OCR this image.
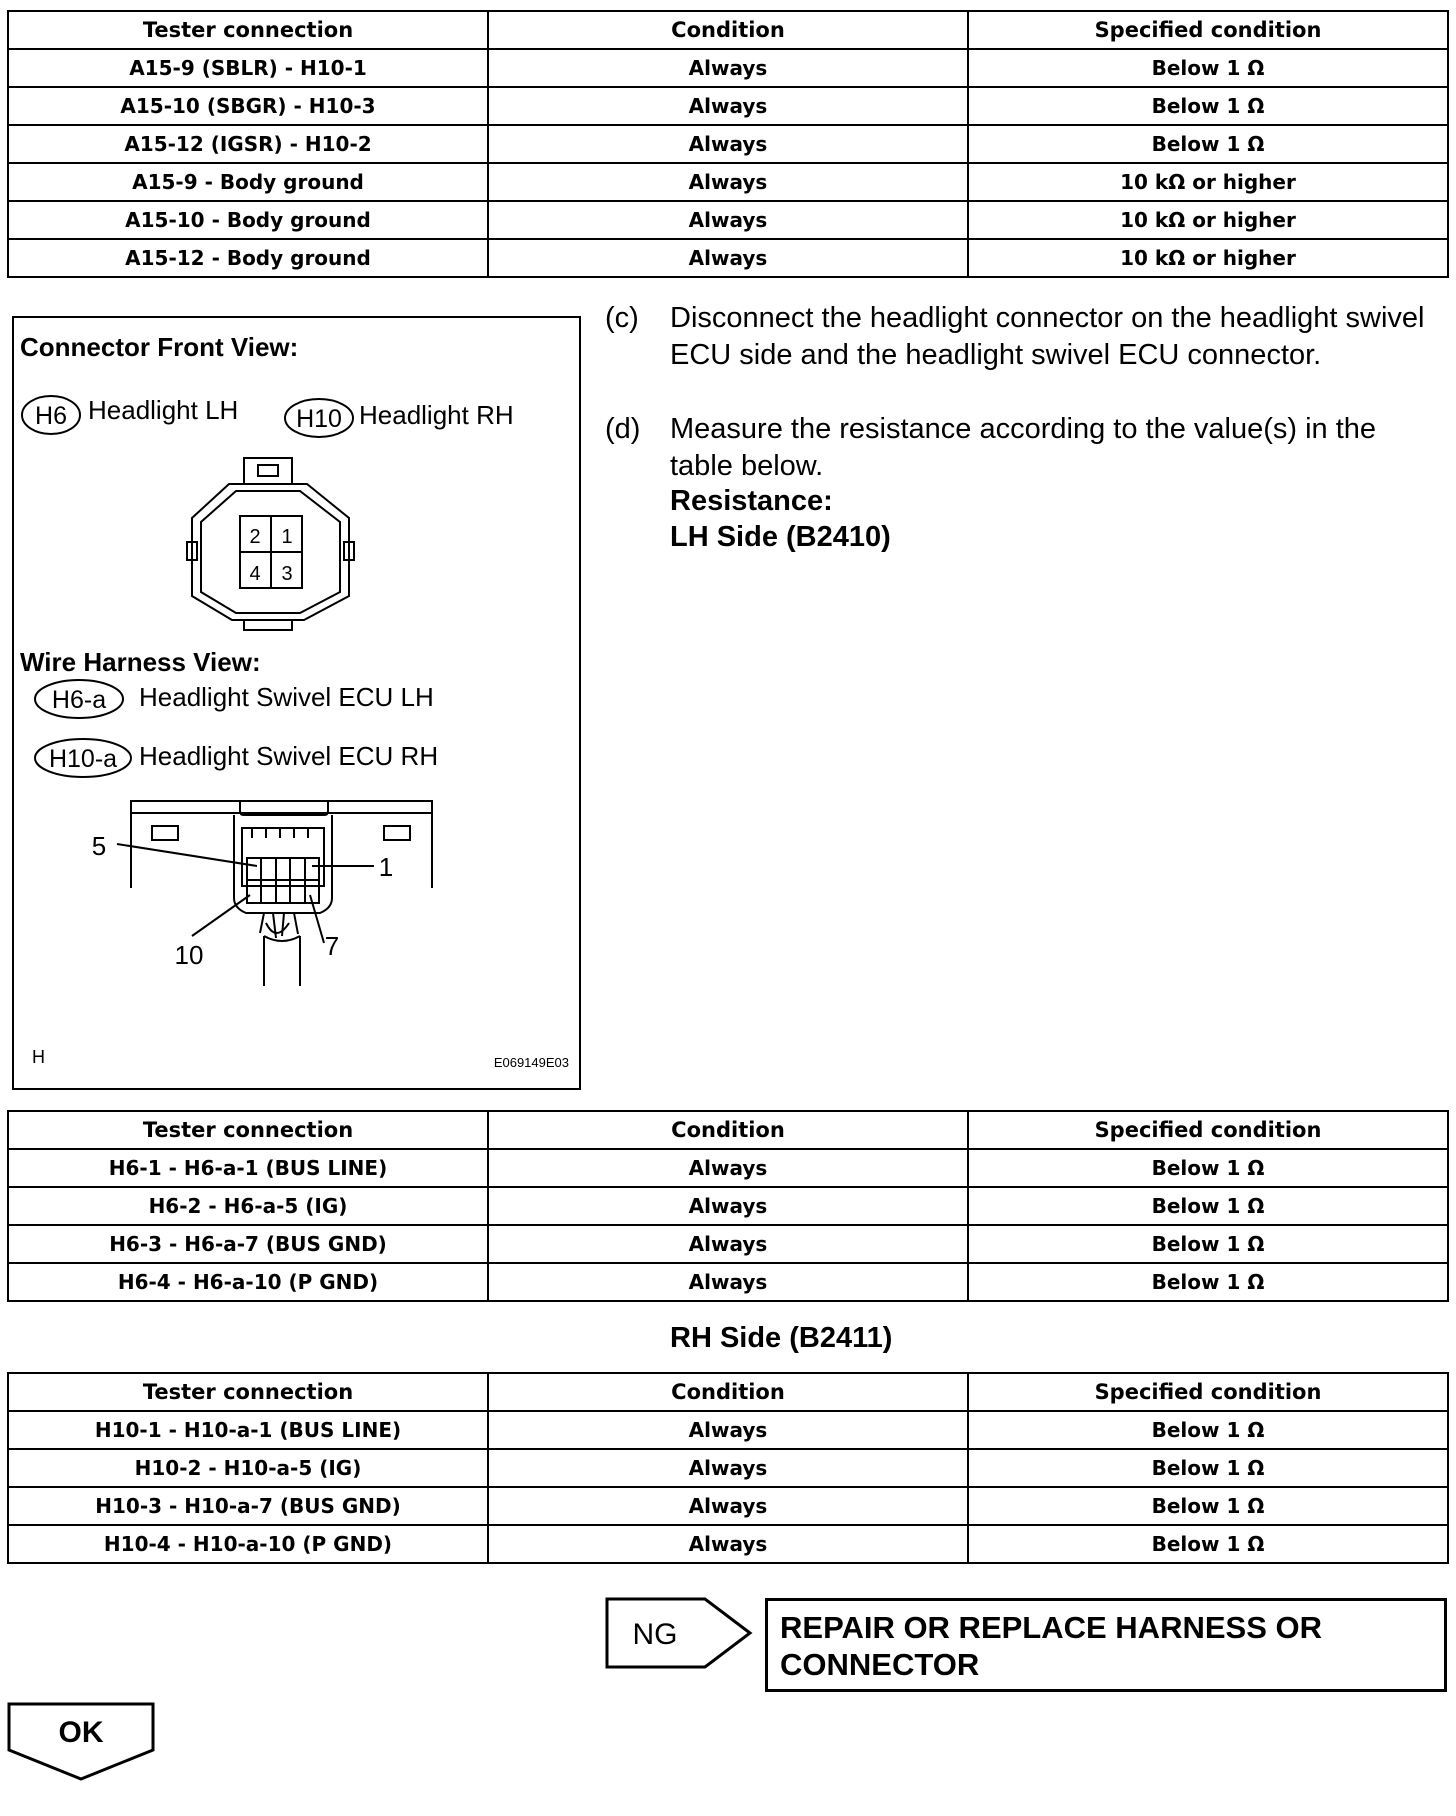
Tester connection	Condition	Specified condition
A15-9 (SBLR) - H10-1	Always	Below 1 Ω
A15-10 (SBGR) - H10-3	Always	Below 1 Ω
A15-12 (IGSR) - H10-2	Always	Below 1 Ω
A15-9 - Body ground	Always	10 kΩ or higher
A15-10 - Body ground	Always	10 kΩ or higher
A15-12 - Body ground	Always	10 kΩ or higher
Connector Front View:
H6 Headlight LH H10 Headlight RH
2 1
4 3
Wire Harness View:
H6-a Headlight Swivel ECU LH
H10-a Headlight Swivel ECU RH
5
1
10	7
H	E069149E03
(c) Disconnect the headlight connector on the headlight swivel ECU side and the headlight swivel ECU connector.
(d) Measure the resistance according to the value(s) in the table below.
Resistance:
LH Side (B2410)
Tester connection	Condition	Specified condition
H6-1 - H6-a-1 (BUS LINE)	Always	Below 1 Ω
H6-2 - H6-a-5 (IG)	Always	Below 1 Ω
H6-3 - H6-a-7 (BUS GND)	Always	Below 1 Ω
H6-4 - H6-a-10 (P GND)	Always	Below 1 Ω
RH Side (B2411)
Tester connection	Condition	Specified condition
H10-1 - H10-a-1 (BUS LINE)	Always	Below 1 Ω
H10-2 - H10-a-5 (IG)	Always	Below 1 Ω
H10-3 - H10-a-7 (BUS GND)	Always	Below 1 Ω
H10-4 - H10-a-10 (P GND)	Always	Below 1 Ω
NG	REPAIR OR REPLACE HARNESS OR CONNECTOR
OK
